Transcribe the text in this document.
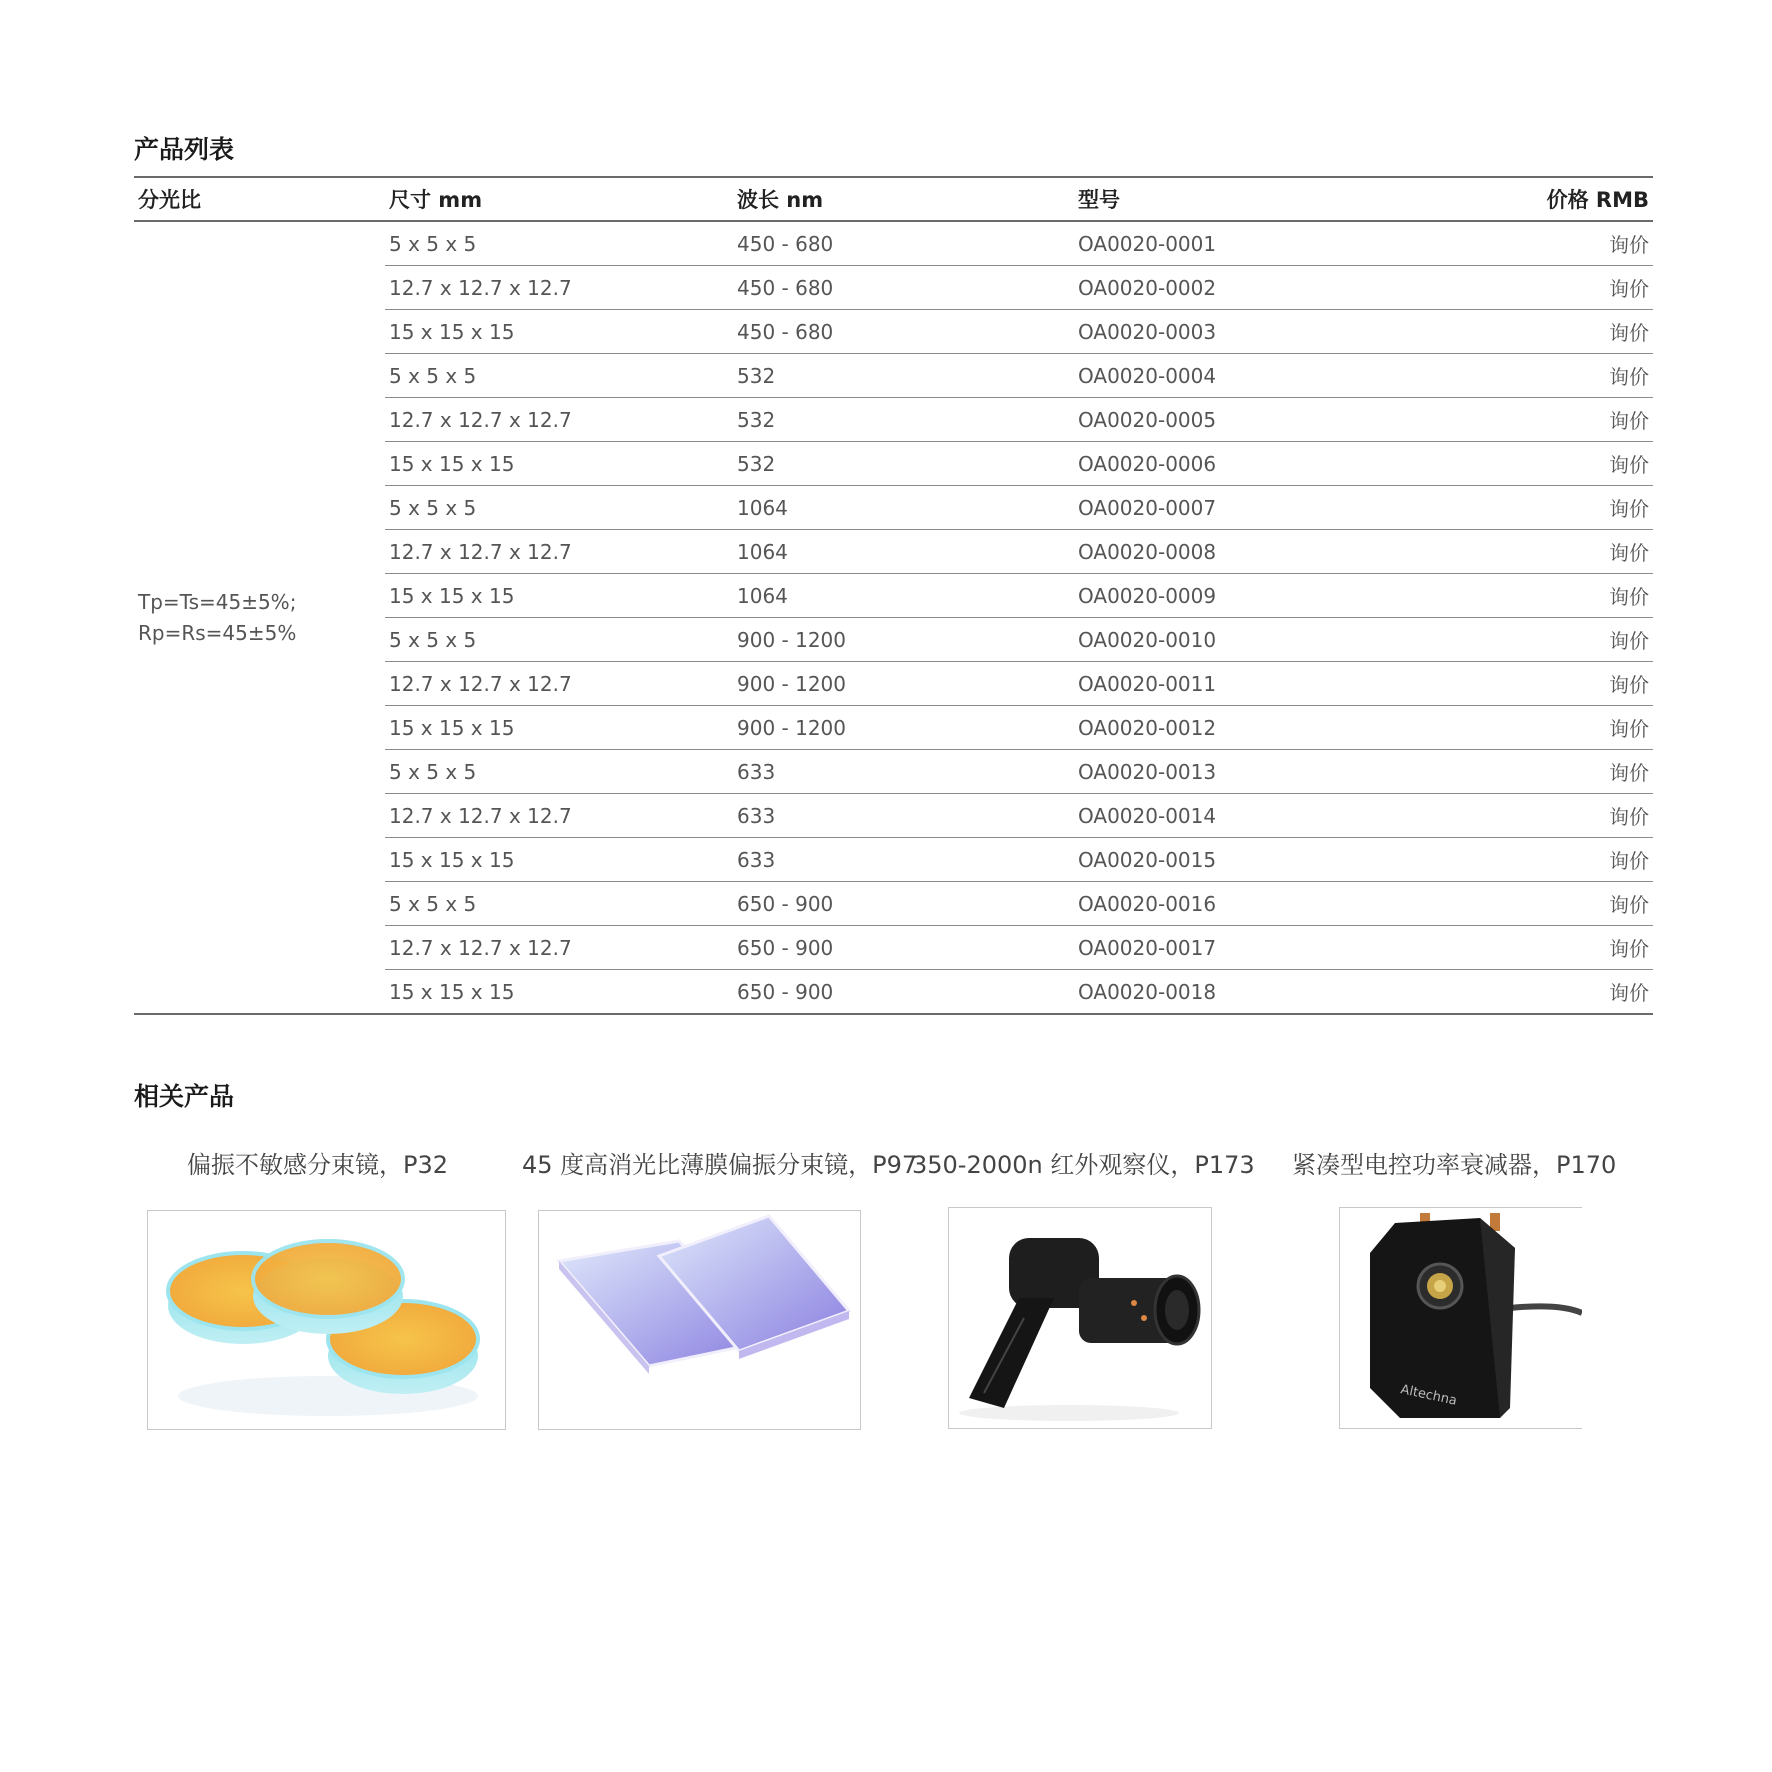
产品列表
分光比	尺寸 mm	波长 nm	型号	价格 RMB

Tp=Ts=45±5%;
Rp=Rs=45±5%	5 x 5 x 5	450 - 680	OA0020-0001	询价
	12.7 x 12.7 x 12.7	450 - 680	OA0020-0002	询价
	15 x 15 x 15	450 - 680	OA0020-0003	询价
	5 x 5 x 5	532	OA0020-0004	询价
	12.7 x 12.7 x 12.7	532	OA0020-0005	询价
	15 x 15 x 15	532	OA0020-0006	询价
	5 x 5 x 5	1064	OA0020-0007	询价
	12.7 x 12.7 x 12.7	1064	OA0020-0008	询价
	15 x 15 x 15	1064	OA0020-0009	询价
	5 x 5 x 5	900 - 1200	OA0020-0010	询价
	12.7 x 12.7 x 12.7	900 - 1200	OA0020-0011	询价
	15 x 15 x 15	900 - 1200	OA0020-0012	询价
	5 x 5 x 5	633	OA0020-0013	询价
	12.7 x 12.7 x 12.7	633	OA0020-0014	询价
	15 x 15 x 15	633	OA0020-0015	询价
	5 x 5 x 5	650 - 900	OA0020-0016	询价
	12.7 x 12.7 x 12.7	650 - 900	OA0020-0017	询价
	15 x 15 x 15	650 - 900	OA0020-0018	询价
相关产品
偏振不敏感分束镜，P32	45 度高消光比薄膜偏振分束镜，P97
350-2000n 红外观察仪，P173 紧凑型电控功率衰减器，P170
Altechna
